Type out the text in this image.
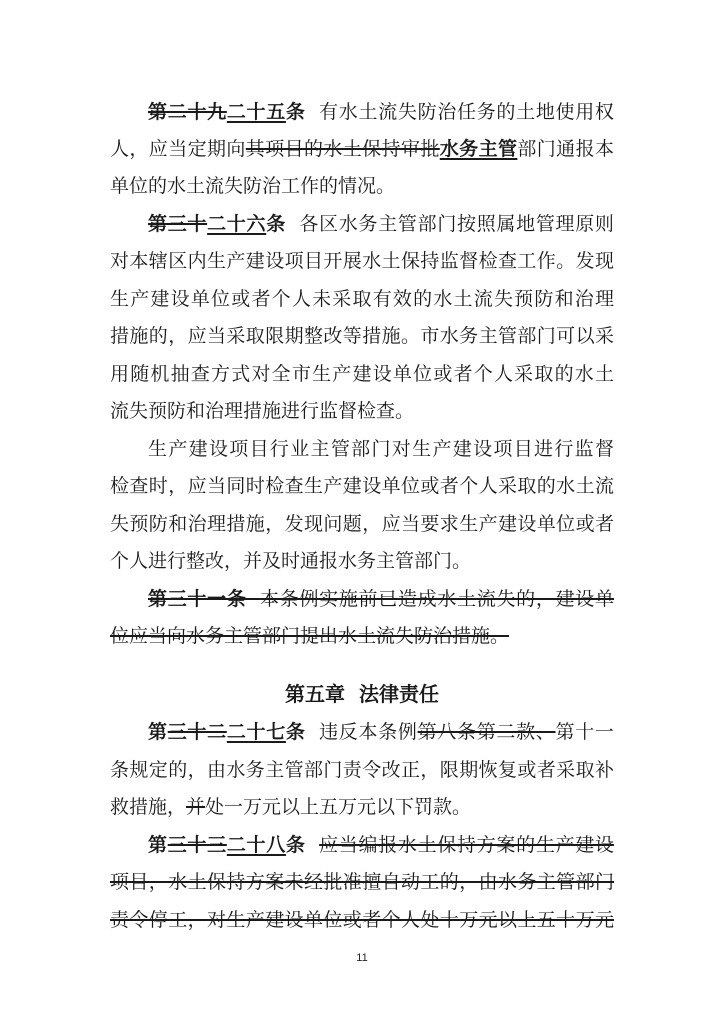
第二十九二十五条 有水土流失防治任务的土地使用权
人，应当定期向其项目的水土保持审批水务主管部门通报本
单位的水土流失防治工作的情况。
第三十二十六条 各区水务主管部门按照属地管理原则
对本辖区内生产建设项目开展水土保持监督检查工作。发现
生产建设单位或者个人未采取有效的水土流失预防和治理
措施的，应当采取限期整改等措施。市水务主管部门可以采
用随机抽查方式对全市生产建设单位或者个人采取的水土
流失预防和治理措施进行监督检查。
生产建设项目行业主管部门对生产建设项目进行监督
检查时，应当同时检查生产建设单位或者个人采取的水土流
失预防和治理措施，发现问题，应当要求生产建设单位或者
个人进行整改，并及时通报水务主管部门。
第三十一条 本条例实施前已造成水土流失的，建设单
位应当向水务主管部门提出水土流失防治措施。
第五章  法律责任
第三十二二十七条 违反本条例第八条第二款、第十一
条规定的，由水务主管部门责令改正，限期恢复或者采取补
救措施，并处一万元以上五万元以下罚款。
第三十三二十八条 应当编报水土保持方案的生产建设
项目，水土保持方案未经批准擅自动工的，由水务主管部门
责令停工，对生产建设单位或者个人处十万元以上五十万元
11
